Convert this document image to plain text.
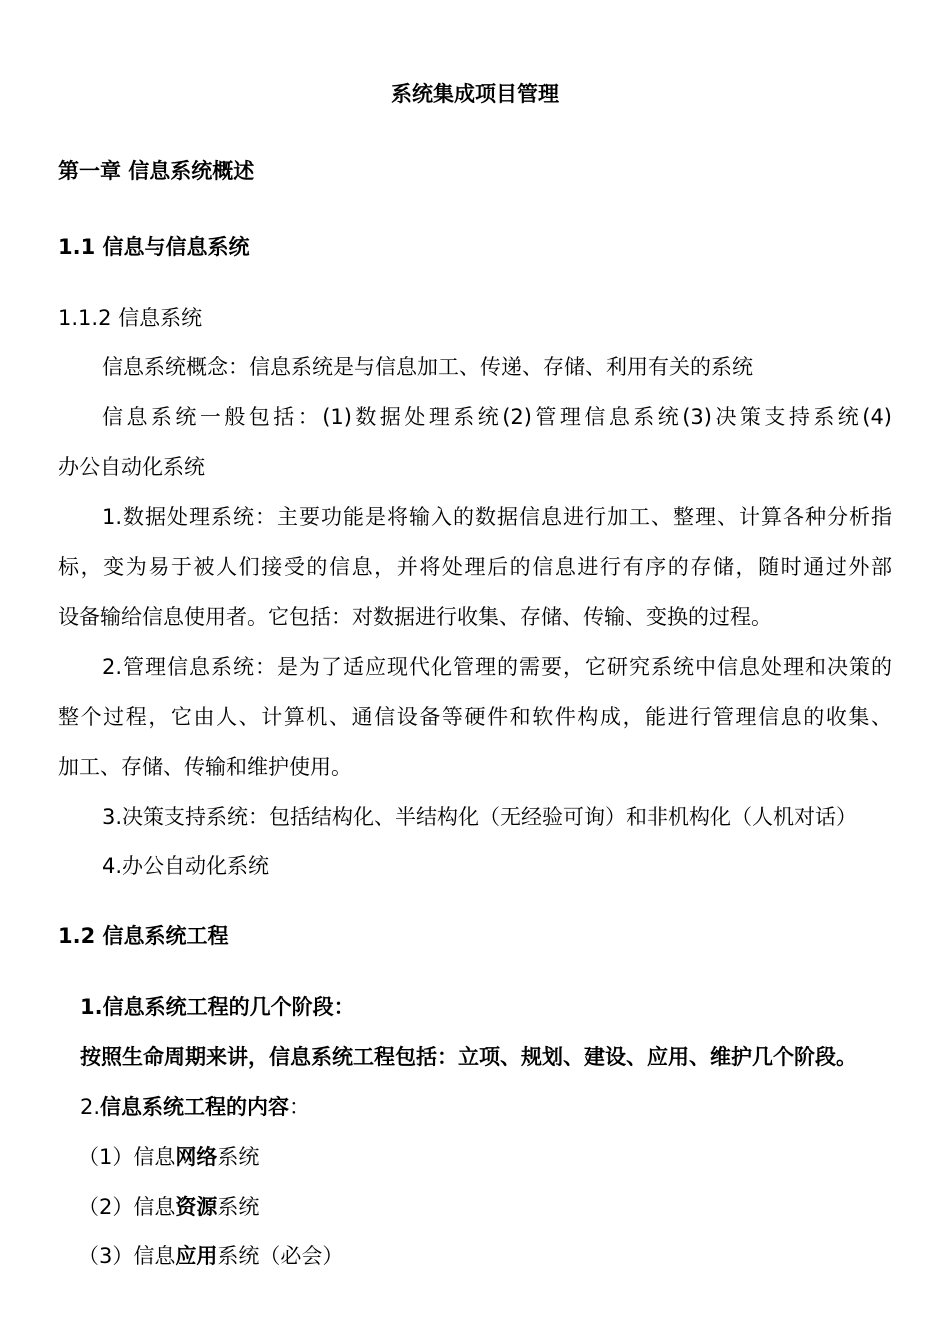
系统集成项目管理
第一章 信息系统概述
1.1 信息与信息系统
1.1.2 信息系统
信息系统概念：信息系统是与信息加工、传递、存储、利用有关的系统
信息系统一般包括：(1)数据处理系统(2)管理信息系统(3)决策支持系统(4)
办公自动化系统
1.数据处理系统：主要功能是将输入的数据信息进行加工、整理、计算各种分析指
标，变为易于被人们接受的信息，并将处理后的信息进行有序的存储，随时通过外部
设备输给信息使用者。它包括：对数据进行收集、存储、传输、变换的过程。
2.管理信息系统：是为了适应现代化管理的需要，它研究系统中信息处理和决策的
整个过程，它由人、计算机、通信设备等硬件和软件构成，能进行管理信息的收集、
加工、存储、传输和维护使用。
3.决策支持系统：包括结构化、半结构化（无经验可询）和非机构化（人机对话）
4.办公自动化系统
1.2 信息系统工程
1.信息系统工程的几个阶段：
按照生命周期来讲，信息系统工程包括：立项、规划、建设、应用、维护几个阶段。
2.信息系统工程的内容：
（1）信息网络系统
（2）信息资源系统
（3）信息应用系统（必会）
